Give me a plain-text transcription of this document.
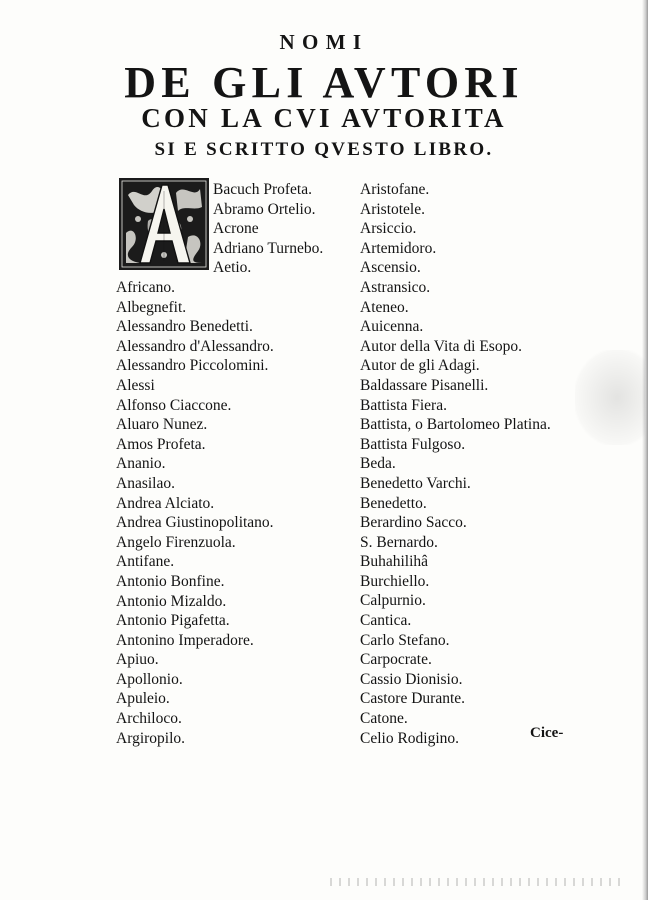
NOMI
DE GLI AVTORI
CON LA CVI AVTORITA
SI E SCRITTO QVESTO LIBRO.
Bacuch Profeta.
Abramo Ortelio.
Acrone
Adriano Turnebo.
Aetio.
Africano.
Albegnefit.
Alessandro Benedetti.
Alessandro d'Alessandro.
Alessandro Piccolomini.
Alessi
Alfonso Ciaccone.
Aluaro Nunez.
Amos Profeta.
Ananio.
Anasilao.
Andrea Alciato.
Andrea Giustinopolitano.
Angelo Firenzuola.
Antifane.
Antonio Bonfine.
Antonio Mizaldo.
Antonio Pigafetta.
Antonino Imperadore.
Apiuo.
Apollonio.
Apuleio.
Archiloco.
Argiropilo.
Aristofane.
Aristotele.
Arsiccio.
Artemidoro.
Ascensio.
Astransico.
Ateneo.
Auicenna.
Autor della Vita di Esopo.
Autor de gli Adagi.
Baldassare Pisanelli.
Battista Fiera.
Battista, o Bartolomeo Platina.
Battista Fulgoso.
Beda.
Benedetto Varchi.
Benedetto.
Berardino Sacco.
S. Bernardo.
Buhahilihâ
Burchiello.
Calpurnio.
Cantica.
Carlo Stefano.
Carpocrate.
Cassio Dionisio.
Castore Durante.
Catone.
Celio Rodigino.	Cice-
